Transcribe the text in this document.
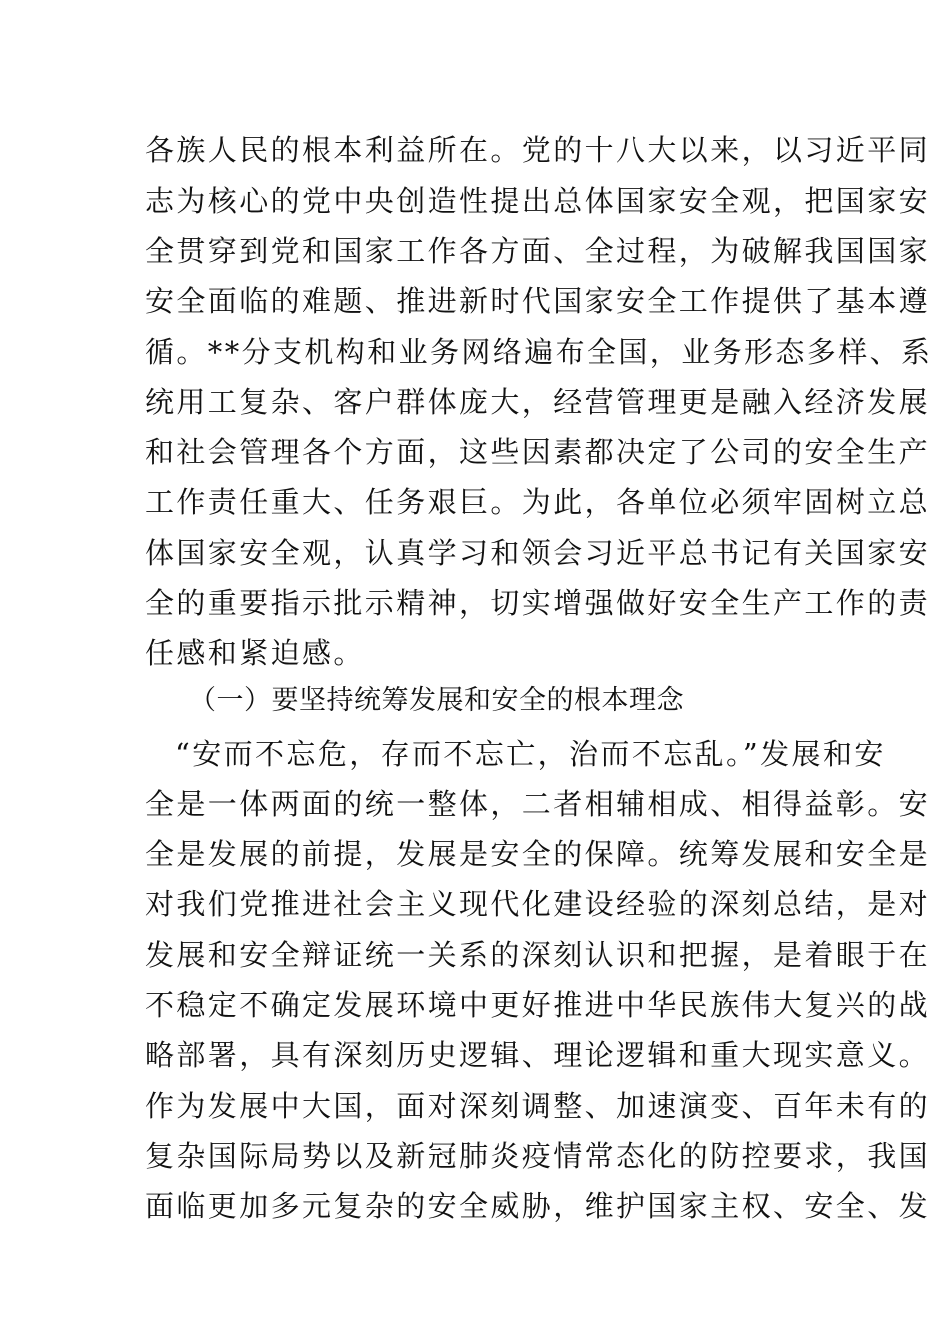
各族人民的根本利益所在。党的十八大以来，以习近平同
志为核心的党中央创造性提出总体国家安全观，把国家安
全贯穿到党和国家工作各方面、全过程，为破解我国国家
安全面临的难题、推进新时代国家安全工作提供了基本遵
循。**分支机构和业务网络遍布全国，业务形态多样、系
统用工复杂、客户群体庞大，经营管理更是融入经济发展
和社会管理各个方面，这些因素都决定了公司的安全生产
工作责任重大、任务艰巨。为此，各单位必须牢固树立总
体国家安全观，认真学习和领会习近平总书记有关国家安
全的重要指示批示精神，切实增强做好安全生产工作的责
任感和紧迫感。
（一）要坚持统筹发展和安全的根本理念
“安而不忘危，存而不忘亡，治而不忘乱。”发展和安
全是一体两面的统一整体，二者相辅相成、相得益彰。安
全是发展的前提，发展是安全的保障。统筹发展和安全是
对我们党推进社会主义现代化建设经验的深刻总结，是对
发展和安全辩证统一关系的深刻认识和把握，是着眼于在
不稳定不确定发展环境中更好推进中华民族伟大复兴的战
略部署，具有深刻历史逻辑、理论逻辑和重大现实意义。
作为发展中大国，面对深刻调整、加速演变、百年未有的
复杂国际局势以及新冠肺炎疫情常态化的防控要求，我国
面临更加多元复杂的安全威胁，维护国家主权、安全、发
